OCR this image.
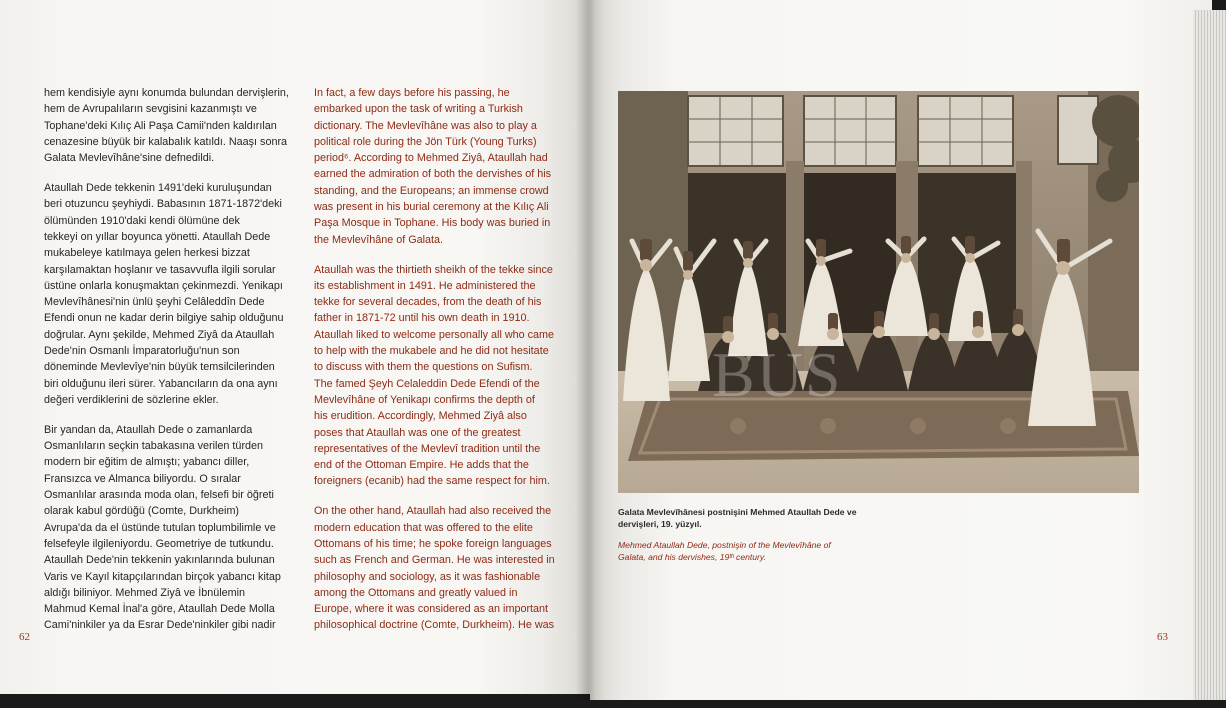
hem kendisiyle aynı konumda bulundan dervişlerin,
hem de Avrupalıların sevgisini kazanmıştı ve
Tophane'deki Kılıç Ali Paşa Camii'nden kaldırılan
cenazesine büyük bir kalabalık katıldı. Naaşı sonra
Galata Mevlevîhâne'sine defnedildi.

Ataullah Dede tekkenin 1491'deki kuruluşundan
beri otuzuncu şeyhiydi. Babasının 1871-1872'deki
ölümünden 1910'daki kendi ölümüne dek
tekkeyi on yıllar boyunca yönetti. Ataullah Dede
mukabeleye katılmaya gelen herkesi bizzat
karşılamaktan hoşlanır ve tasavvufla ilgili sorular
üstüne onlarla konuşmaktan çekinmezdi. Yenikapı
Mevlevîhânesi'nin ünlü şeyhi Celâleddîn Dede
Efendi onun ne kadar derin bilgiye sahip olduğunu
doğrular. Aynı şekilde, Mehmed Ziyâ da Ataullah
Dede'nin Osmanlı İmparatorluğu'nun son
döneminde Mevlevîye'nin büyük temsilcilerinden
biri olduğunu ileri sürer. Yabancıların da ona aynı
değeri verdiklerini de sözlerine ekler.

Bir yandan da, Ataullah Dede o zamanlarda
Osmanlıların seçkin tabakasına verilen türden
modern bir eğitim de almıştı; yabancı diller,
Fransızca ve Almanca biliyordu. O sıralar
Osmanlılar arasında moda olan, felsefi bir öğreti
olarak kabul gördüğü (Comte, Durkheim)
Avrupa'da da el üstünde tutulan toplumbilimle ve
felsefeyle ilgileniyordu. Geometriye de tutkundu.
Ataullah Dede'nin tekkenin yakınlarında bulunan
Varis ve Kayıl kitapçılarından birçok yabancı kitap
aldığı biliniyor. Mehmed Ziyâ ve İbnülemin
Mahmud Kemal İnal'a göre, Ataullah Dede Molla
Cami'ninkiler ya da Esrar Dede'ninkiler gibi nadir

In fact, a few days before his passing, he
embarked upon the task of writing a Turkish
dictionary. The Mevlevîhâne was also to play a
political role during the Jön Türk (Young Turks)
period⁶. According to Mehmed Ziyâ, Ataullah had
earned the admiration of both the dervishes of his
standing, and the Europeans; an immense crowd
was present in his burial ceremony at the Kılıç Ali
Paşa Mosque in Tophane. His body was buried in
the Mevlevîhâne of Galata.

Ataullah was the thirtieth sheikh of the tekke since
its establishment in 1491. He administered the
tekke for several decades, from the death of his
father in 1871-72 until his own death in 1910.
Ataullah liked to welcome personally all who came
to help with the mukabele and he did not hesitate
to discuss with them the questions on Sufism.
The famed Şeyh Celaleddin Dede Efendi of the
Mevlevîhâne of Yenikapı confirms the depth of
his erudition. Accordingly, Mehmed Ziyâ also
poses that Ataullah was one of the greatest
representatives of the Mevlevî tradition until the
end of the Ottoman Empire. He adds that the
foreigners (ecanib) had the same respect for him.

On the other hand, Ataullah had also received the
modern education that was offered to the elite
Ottomans of his time; he spoke foreign languages
such as French and German. He was interested in
philosophy and sociology, as it was fashionable
among the Ottomans and greatly valued in
Europe, where it was considered as an important
philosophical doctrine (Comte, Durkheim). He was

62	63
BUS
Galata Mevlevîhânesi postnişini Mehmed Ataullah Dede ve
dervişleri, 19. yüzyıl.
Mehmed Ataullah Dede, postnişin of the Mevlevîhâne of
Galata, and his dervishes, 19ᵗʰ century.
